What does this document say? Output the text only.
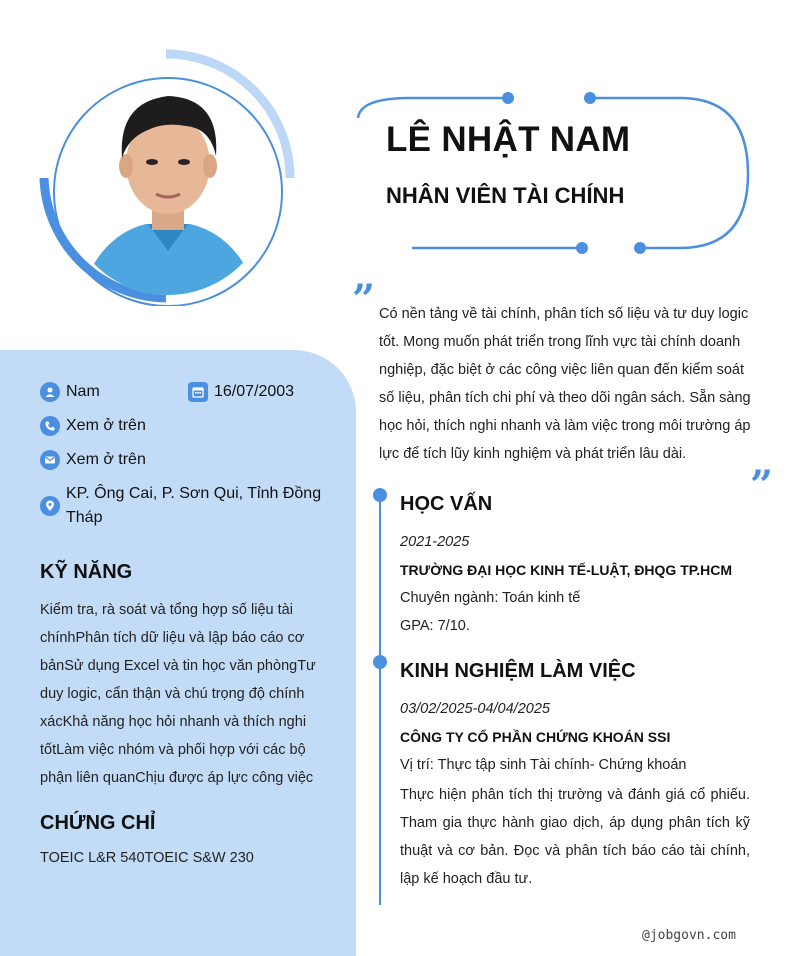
LÊ NHẬT NAM
NHÂN VIÊN TÀI CHÍNH
” Có nền tảng về tài chính, phân tích số liệu và tư duy logic tốt. Mong muốn phát triển trong lĩnh vực tài chính doanh nghiệp, đặc biệt ở các công việc liên quan đến kiểm soát số liệu, phân tích chi phí và theo dõi ngân sách. Sẵn sàng học hỏi, thích nghi nhanh và làm việc trong môi trường áp lực để tích lũy kinh nghiệm và phát triển lâu dài.
”
Nam	16/07/2003
Xem ở trên
Xem ở trên
KP. Ông Cai, P. Sơn Qui, Tỉnh Đồng Tháp
KỸ NĂNG
Kiểm tra, rà soát và tổng hợp số liệu tài chínhPhân tích dữ liệu và lập báo cáo cơ bảnSử dụng Excel và tin học văn phòngTư duy logic, cẩn thận và chú trọng độ chính xácKhả năng học hỏi nhanh và thích nghi tốtLàm việc nhóm và phối hợp với các bộ phận liên quanChịu được áp lực công việc
CHỨNG CHỈ
TOEIC L&R 540TOEIC S&W 230
HỌC VẤN
2021-2025
TRƯỜNG ĐẠI HỌC KINH TẾ-LUẬT, ĐHQG TP.HCM
Chuyên ngành: Toán kinh tế
GPA: 7/10.
KINH NGHIỆM LÀM VIỆC
03/02/2025-04/04/2025
CÔNG TY CỔ PHẦN CHỨNG KHOÁN SSI
Vị trí: Thực tập sinh Tài chính- Chứng khoán
Thực hiện phân tích thị trường và đánh giá cổ phiếu. Tham gia thực hành giao dịch, áp dụng phân tích kỹ thuật và cơ bản. Đọc và phân tích báo cáo tài chính, lập kế hoạch đầu tư.
@jobgovn.com
